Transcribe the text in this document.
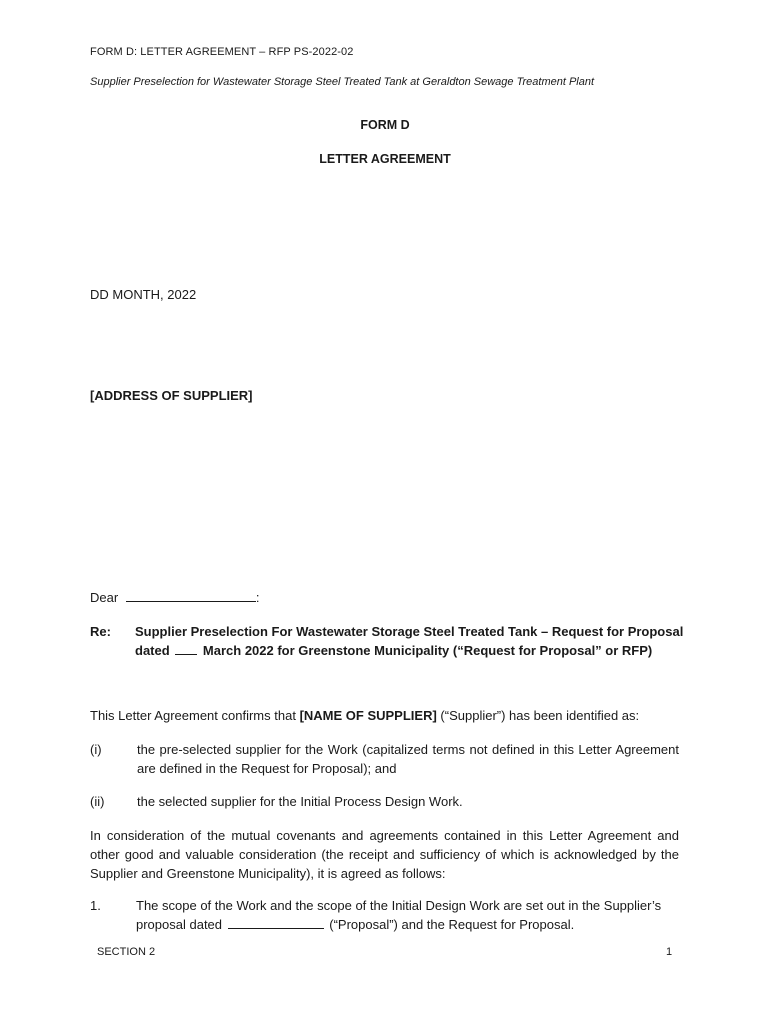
FORM D: LETTER AGREEMENT – RFP PS-2022-02
Supplier Preselection for Wastewater Storage Steel Treated Tank at Geraldton Sewage Treatment Plant
FORM D
LETTER AGREEMENT
DD MONTH, 2022
[ADDRESS OF SUPPLIER]
Dear	:
Re: Supplier Preselection For Wastewater Storage Steel Treated Tank – Request for Proposal
dated	March 2022 for Greenstone Municipality (“Request for Proposal” or RFP)
This Letter Agreement confirms that [NAME OF SUPPLIER] (“Supplier”) has been identified as:
(i)	the pre-selected supplier for the Work (capitalized terms not defined in this Letter Agreement are defined in the Request for Proposal); and
(ii)	the selected supplier for the Initial Process Design Work.
In consideration of the mutual covenants and agreements contained in this Letter Agreement and other good and valuable consideration (the receipt and sufficiency of which is acknowledged by the Supplier and Greenstone Municipality), it is agreed as follows:
1.	The scope of the Work and the scope of the Initial Design Work are set out in the Supplier’s
proposal dated	(“Proposal”) and the Request for Proposal.
SECTION 2	1
